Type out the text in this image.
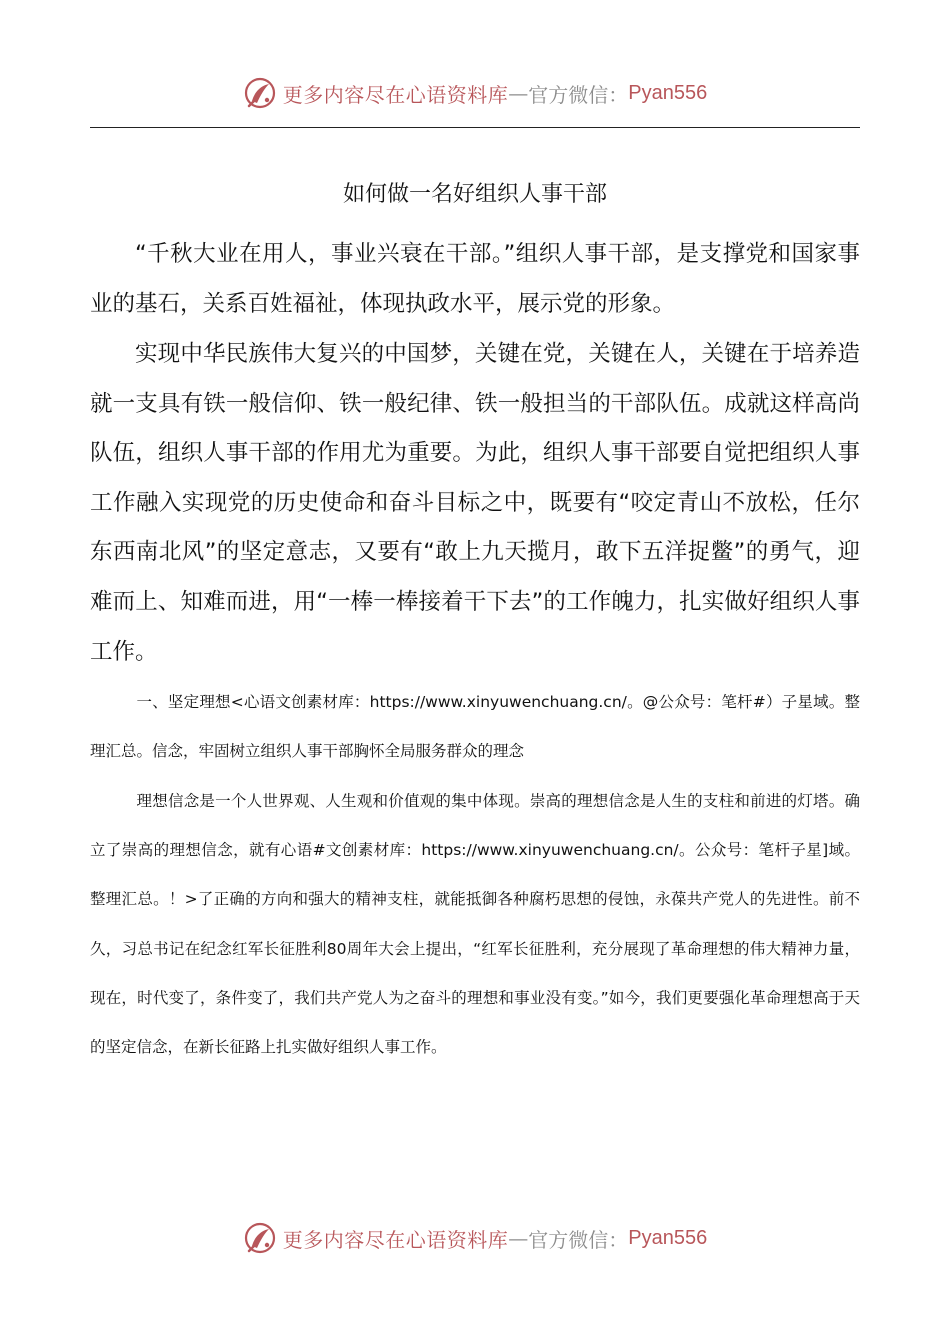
更多内容尽在心语资料库 — 官方微信： Pyan556
如何做一名好组织人事干部

“千秋大业在用人，事业兴衰在干部。”组织人事干部，是支撑党和国家事业的基石，关系百姓福祉，体现执政水平，展示党的形象。

实现中华民族伟大复兴的中国梦，关键在党，关键在人，关键在于培养造就一支具有铁一般信仰、铁一般纪律、铁一般担当的干部队伍。成就这样高尚队伍，组织人事干部的作用尤为重要。为此，组织人事干部要自觉把组织人事工作融入实现党的历史使命和奋斗目标之中，既要有“咬定青山不放松，任尔东西南北风”的坚定意志，又要有“敢上九天揽月，敢下五洋捉鳖”的勇气，迎难而上、知难而进，用“一棒一棒接着干下去”的工作魄力，扎实做好组织人事工作。

一、坚定理想<心语文创素材库：https://www.xinyuwenchuang.cn/。@公众号：笔杆#）子星域。整理汇总。信念，牢固树立组织人事干部胸怀全局服务群众的理念

理想信念是一个人世界观、人生观和价值观的集中体现。崇高的理想信念是人生的支柱和前进的灯塔。确立了崇高的理想信念，就有心语#文创素材库：https://www.xinyuwenchuang.cn/。公众号：笔杆子星]域。整理汇总。！>了正确的方向和强大的精神支柱，就能抵御各种腐朽思想的侵蚀，永葆共产党人的先进性。前不久，习总书记在纪念红军长征胜利80周年大会上提出，“红军长征胜利，充分展现了革命理想的伟大精神力量，现在，时代变了，条件变了，我们共产党人为之奋斗的理想和事业没有变。”如今，我们更要强化革命理想高于天的坚定信念，在新长征路上扎实做好组织人事工作。

更多内容尽在心语资料库 — 官方微信： Pyan556
